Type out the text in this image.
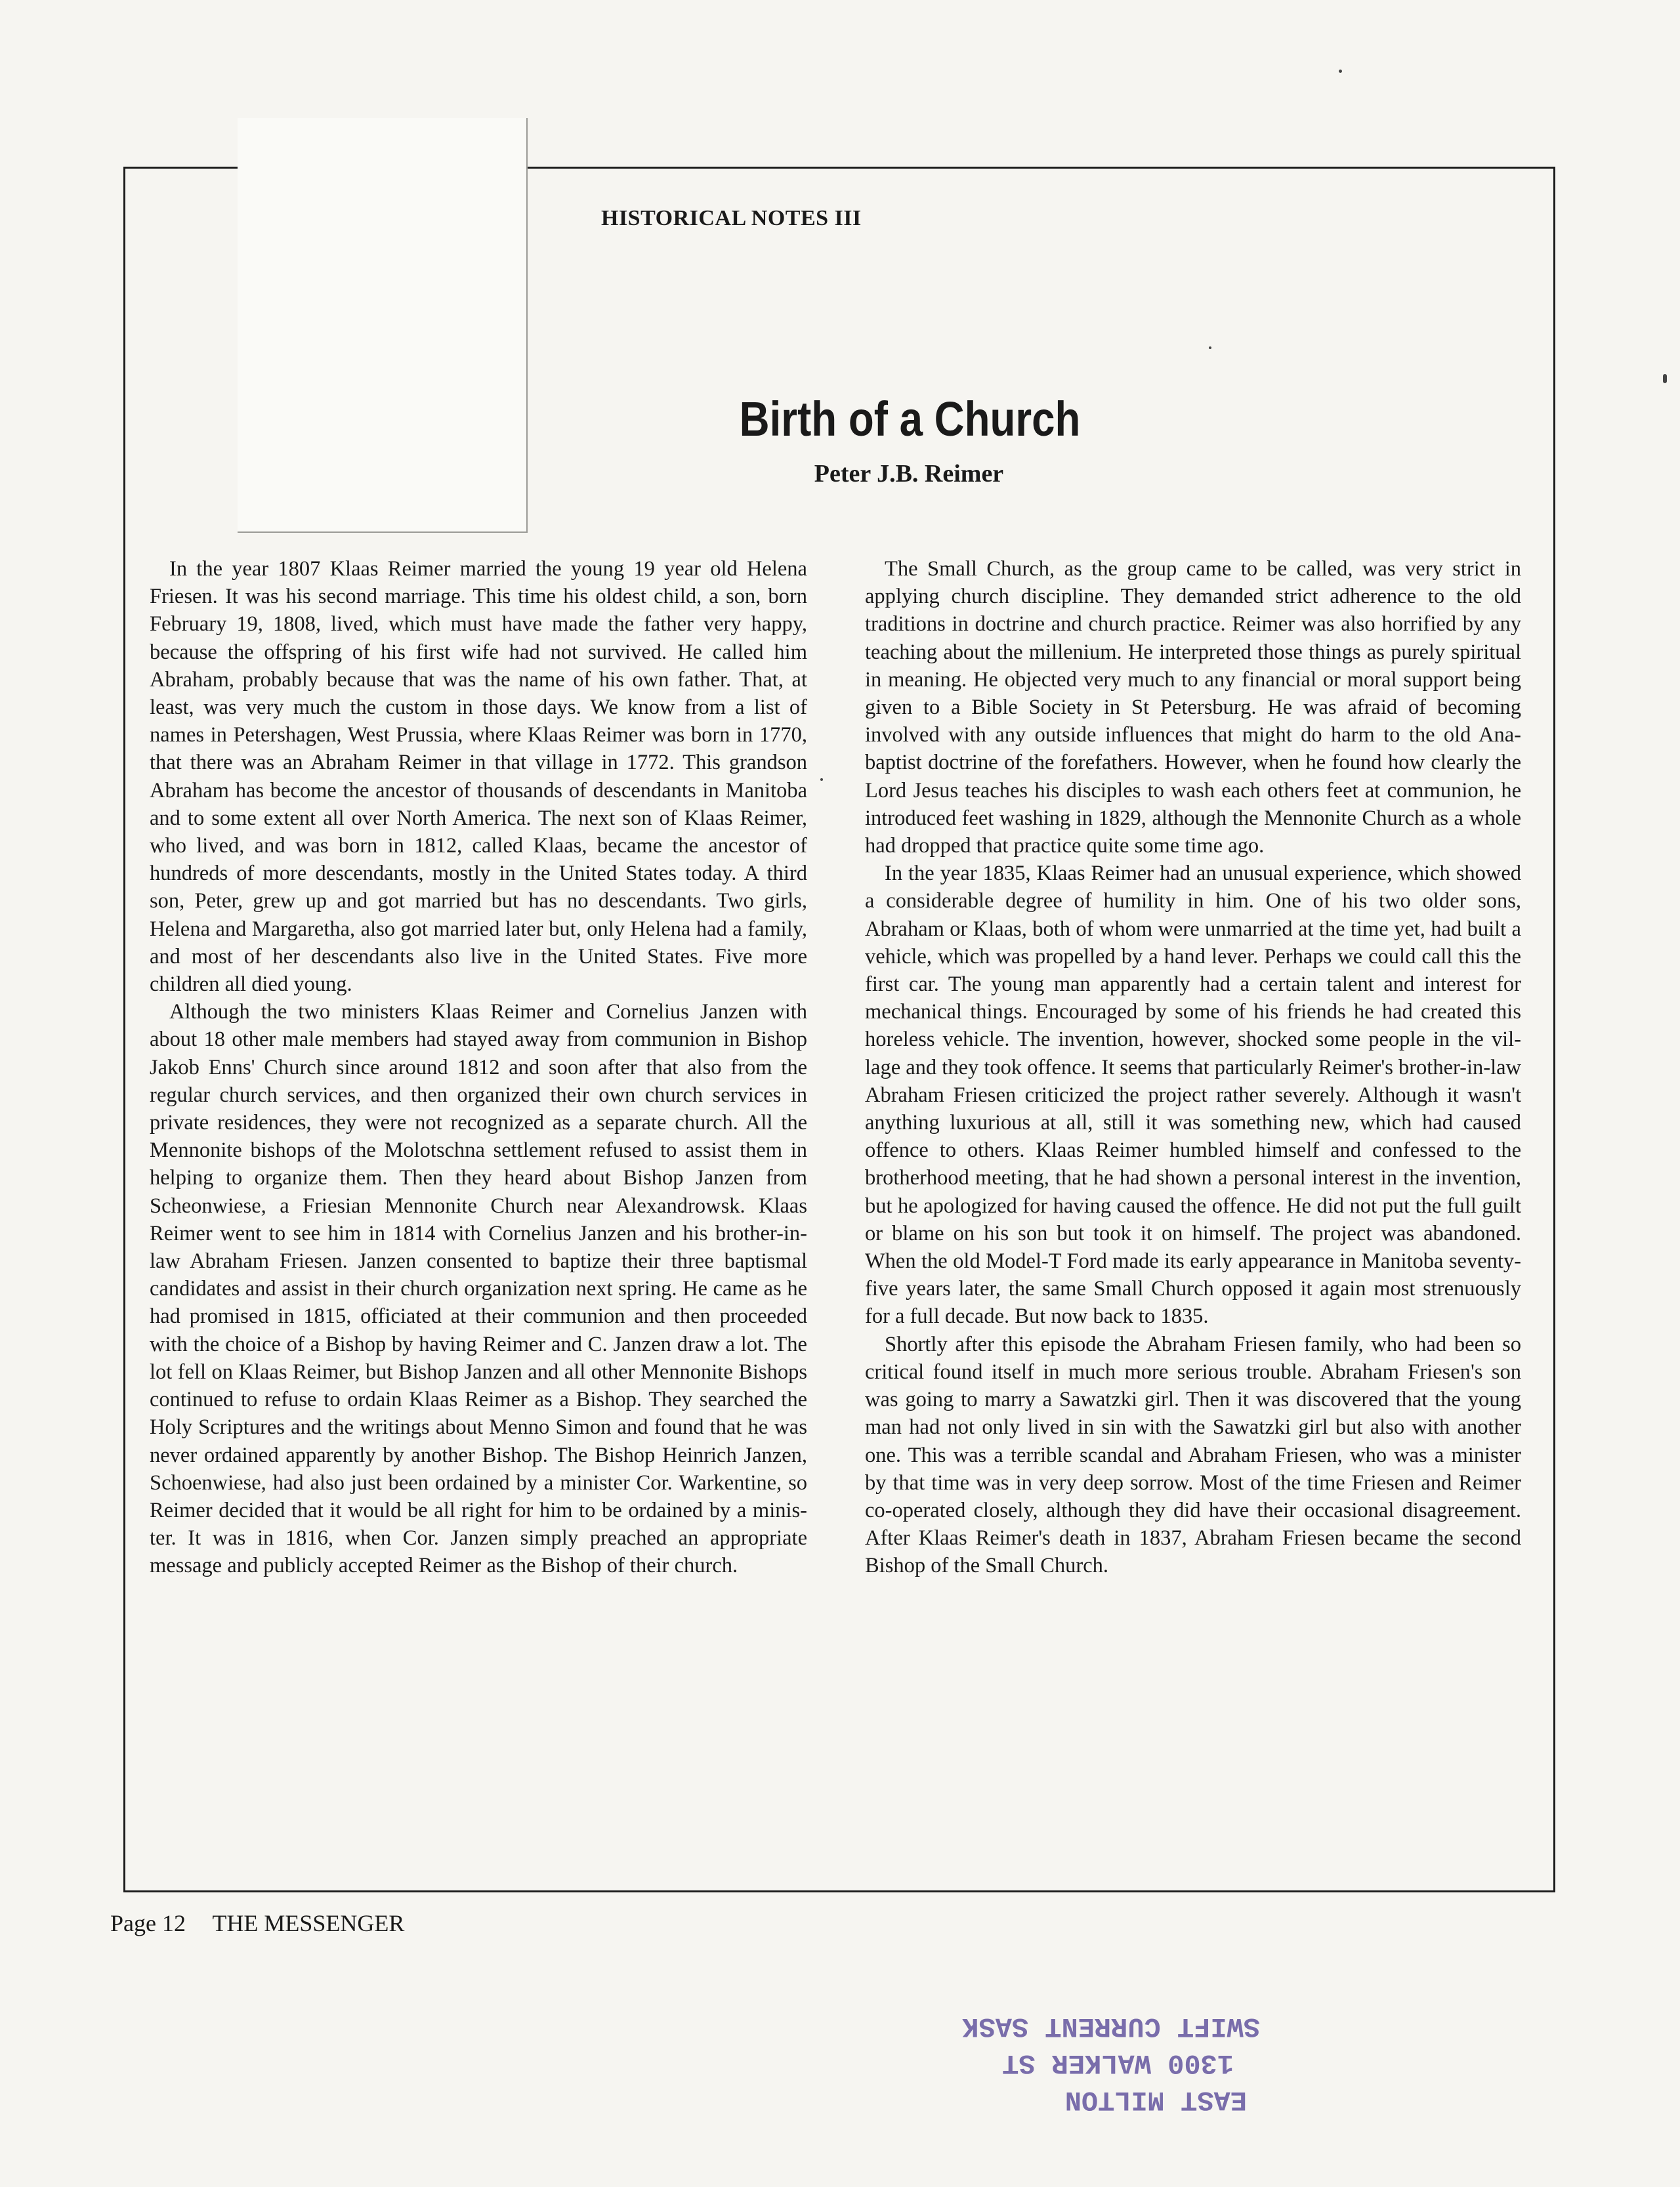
HISTORICAL NOTES III
Birth of a Church
Peter J.B. Reimer

In the year 1807 Klaas Reimer married the young 19 year old Helena Friesen. It was his second marriage. This time his oldest child, a son, born February 19, 1808, lived, which must have made the father very happy, because the offspring of his first wife had not survived. He called him Abraham, probably because that was the name of his own father. That, at least, was very much the custom in those days. We know from a list of names in Petershagen, West Prussia, where Klaas Reimer was born in 1770, that there was an Abraham Reimer in that village in 1772. This grandson Abraham has become the ancestor of thousands of descendants in Manitoba and to some extent all over North America. The next son of Klaas Reimer, who lived, and was born in 1812, called Klaas, became the ancestor of hundreds of more descendants, mostly in the United States today. A third son, Peter, grew up and got married but has no descendants. Two girls, Helena and Margaretha, also got married later but, only Helena had a family, and most of her descendants also live in the United States. Five more children all died young.

Although the two ministers Klaas Reimer and Cornelius Janzen with about 18 other male members had stayed away from communion in Bishop Jakob Enns' Church since around 1812 and soon after that also from the regular church services, and then organized their own church services in private residences, they were not recognized as a separate church. All the Mennonite bishops of the Molotschna settlement refused to assist them in helping to organize them. Then they heard about Bishop Janzen from Scheonwiese, a Friesian Mennonite Church near Alexandrowsk. Klaas Reimer went to see him in 1814 with Cornelius Janzen and his brother-in-law Abraham Friesen. Janzen consented to baptize their three baptismal candidates and assist in their church organization next spring. He came as he had promised in 1815, officiated at their communion and then proceeded with the choice of a Bishop by having Reimer and C. Janzen draw a lot. The lot fell on Klaas Reimer, but Bishop Janzen and all other Mennonite Bishops continued to refuse to ordain Klaas Reimer as a Bishop. They searched the Holy Scriptures and the writings about Menno Simon and found that he was never ordained apparently by another Bishop. The Bishop Heinrich Janzen, Schoenwiese, had also just been ordained by a minister Cor. Warkentine, so Reimer decided that it would be all right for him to be ordained by a minister. It was in 1816, when Cor. Janzen simply preached an appropriate message and publicly accepted Reimer as the Bishop of their church.

The Small Church, as the group came to be called, was very strict in applying church discipline. They demanded strict adherence to the old traditions in doctrine and church practice. Reimer was also horrified by any teaching about the millenium. He interpreted those things as purely spiritual in meaning. He objected very much to any financial or moral support being given to a Bible Society in St Petersburg. He was afraid of becoming involved with any outside influences that might do harm to the old Anabaptist doctrine of the forefathers. However, when he found how clearly the Lord Jesus teaches his disciples to wash each others feet at communion, he introduced feet washing in 1829, although the Mennonite Church as a whole had dropped that practice quite some time ago.

In the year 1835, Klaas Reimer had an unusual experience, which showed a considerable degree of humility in him. One of his two older sons, Abraham or Klaas, both of whom were unmarried at the time yet, had built a vehicle, which was propelled by a hand lever. Perhaps we could call this the first car. The young man apparently had a certain talent and interest for mechanical things. Encouraged by some of his friends he had created this horeless vehicle. The invention, however, shocked some people in the village and they took offence. It seems that particularly Reimer's brother-in-law Abraham Friesen criticized the project rather severely. Although it wasn't anything luxurious at all, still it was something new, which had caused offence to others. Klaas Reimer humbled himself and confessed to the brotherhood meeting, that he had shown a personal interest in the invention, but he apologized for having caused the offence. He did not put the full guilt or blame on his son but took it on himself. The project was abandoned. When the old Model-T Ford made its early appearance in Manitoba seventy-five years later, the same Small Church opposed it again most strenuously for a full decade. But now back to 1835.

Shortly after this episode the Abraham Friesen family, who had been so critical found itself in much more serious trouble. Abraham Friesen's son was going to marry a Sawatzki girl. Then it was discovered that the young man had not only lived in sin with the Sawatzki girl but also with another one. This was a terrible scandal and Abraham Friesen, who was a minister by that time was in very deep sorrow. Most of the time Friesen and Reimer co-operated closely, although they did have their occasional disagreement. After Klaas Reimer's death in 1837, Abraham Friesen became the second Bishop of the Small Church.

Page 12 THE MESSENGER
EAST MILTON
1300 WALKER ST
SWIFT CURRENT SASK
